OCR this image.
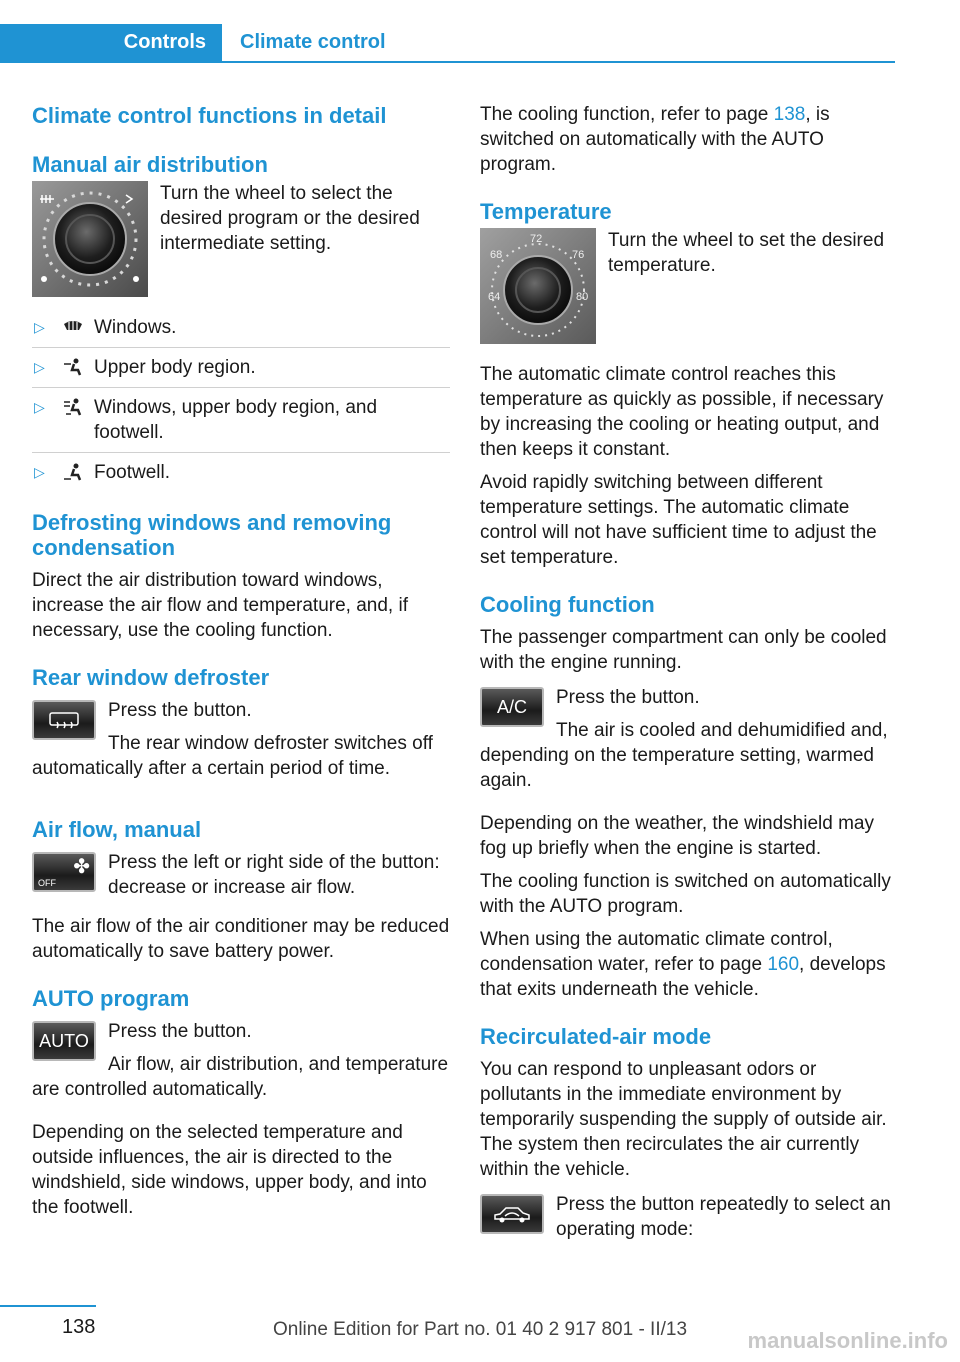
Controls	Climate control
Climate control functions in detail
Manual air distribution

Turn the wheel to select the desired program or the desired intermediate setting.

▷	Windows.
▷	Upper body region.
▷	Windows, upper body region, and footwell.
▷	Footwell.
Defrosting windows and removing condensation

Direct the air distribution toward windows, increase the air flow and temperature, and, if necessary, use the cooling function.

Rear window defroster

Press the button.

The rear window defroster switches off automatically after a certain period of time.

Air flow, manual
$_{OFF}$
✤ Press the left or right side of the button: decrease or increase air flow.

The air flow of the air conditioner may be reduced automatically to save battery power.

AUTO program
AUTO	Press the button.

Air flow, air distribution, and temperature are controlled automatically.

Depending on the selected temperature and outside influences, the air is directed to the windshield, side windows, upper body, and into the footwell.

The cooling function, refer to page 138, is switched on automatically with the AUTO program.

Temperature
64
68
72
76
80

Turn the wheel to set the desired temperature.

The automatic climate control reaches this temperature as quickly as possible, if necessary by increasing the cooling or heating output, and then keeps it constant.

Avoid rapidly switching between different temperature settings. The automatic climate control will not have sufficient time to adjust the set temperature.

Cooling function

The passenger compartment can only be cooled with the engine running.

A/C	Press the button.

The air is cooled and dehumidified and, depending on the temperature setting, warmed again.

Depending on the weather, the windshield may fog up briefly when the engine is started.

The cooling function is switched on automatically with the AUTO program.

When using the automatic climate control, condensation water, refer to page 160, develops that exits underneath the vehicle.

Recirculated-air mode

You can respond to unpleasant odors or pollutants in the immediate environment by temporarily suspending the supply of outside air. The system then recirculates the air currently within the vehicle.

Press the button repeatedly to select an operating mode:

138	Online Edition for Part no. 01 40 2 917 801 - II/13	manualsonline.info
